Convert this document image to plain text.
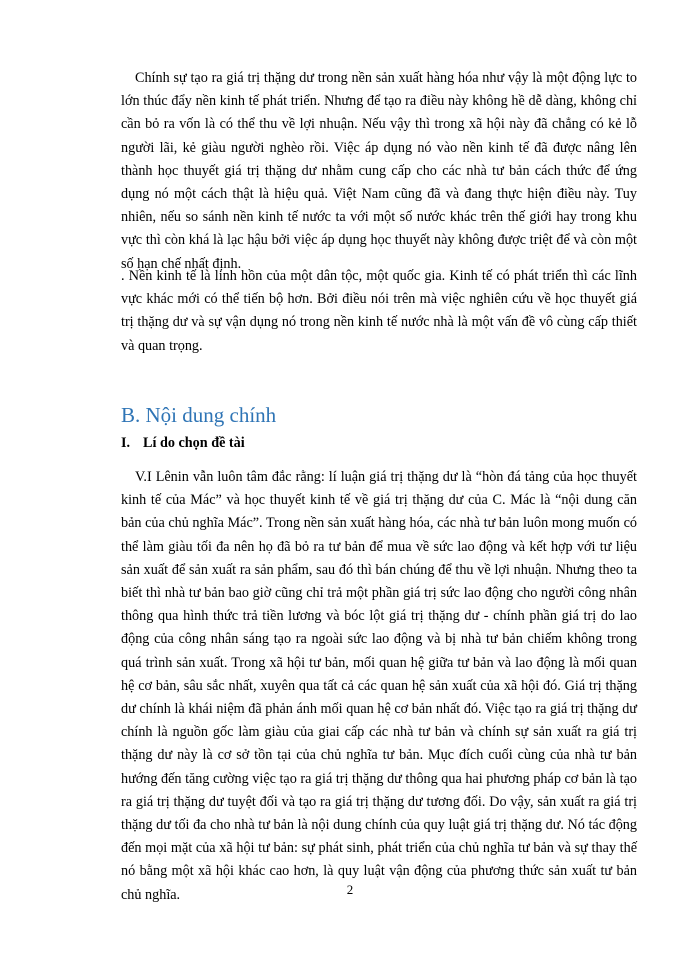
Chính sự tạo ra giá trị thặng dư trong nền sản xuất hàng hóa như vậy là một động lực to lớn thúc đẩy nền kinh tế phát triển. Nhưng để tạo ra điều này không hề dễ dàng, không chỉ cần bỏ ra vốn là có thể thu về lợi nhuận. Nếu vậy thì trong xã hội này đã chẳng có kẻ lỗ người lãi, kẻ giàu người nghèo rồi. Việc áp dụng nó vào nền kinh tế đã được nâng lên thành học thuyết giá trị thặng dư nhằm cung cấp cho các nhà tư bản cách thức để ứng dụng nó một cách thật là hiệu quả. Việt Nam cũng đã và đang thực hiện điều này. Tuy nhiên, nếu so sánh nền kinh tế nước ta với một số nước khác trên thế giới hay trong khu vực thì còn khá là lạc hậu bởi việc áp dụng học thuyết này không được triệt để và còn một số hạn chế nhất định.

. Nền kinh tế là linh hồn của một dân tộc, một quốc gia. Kinh tế có phát triển thì các lĩnh vực khác mới có thể tiến bộ hơn. Bởi điều nói trên mà việc nghiên cứu về học thuyết giá trị thặng dư và sự vận dụng nó trong nền kinh tế nước nhà là một vấn đề vô cùng cấp thiết và quan trọng.

B. Nội dung chính
I. Lí do chọn đề tài

V.I Lênin vẫn luôn tâm đắc rằng: lí luận giá trị thặng dư là “hòn đá tảng của học thuyết kinh tế của Mác” và học thuyết kinh tế về giá trị thặng dư của C. Mác là “nội dung căn bản của chủ nghĩa Mác”. Trong nền sản xuất hàng hóa, các nhà tư bản luôn mong muốn có thể làm giàu tối đa nên họ đã bỏ ra tư bản để mua về sức lao động và kết hợp với tư liệu sản xuất để sản xuất ra sản phẩm, sau đó thì bán chúng để thu về lợi nhuận. Nhưng theo ta biết thì nhà tư bản bao giờ cũng chỉ trả một phần giá trị sức lao động cho người công nhân thông qua hình thức trả tiền lương và bóc lột giá trị thặng dư - chính phần giá trị do lao động của công nhân sáng tạo ra ngoài sức lao động và bị nhà tư bản chiếm không trong quá trình sản xuất. Trong xã hội tư bản, mối quan hệ giữa tư bản và lao động là mối quan hệ cơ bản, sâu sắc nhất, xuyên qua tất cả các quan hệ sản xuất của xã hội đó. Giá trị thặng dư chính là khái niệm đã phản ánh mối quan hệ cơ bản nhất đó. Việc tạo ra giá trị thặng dư chính là nguồn gốc làm giàu của giai cấp các nhà tư bản và chính sự sản xuất ra giá trị thặng dư này là cơ sở tồn tại của chủ nghĩa tư bản. Mục đích cuối cùng của nhà tư bản hướng đến tăng cường việc tạo ra giá trị thặng dư thông qua hai phương pháp cơ bản là tạo ra giá trị thặng dư tuyệt đối và tạo ra giá trị thặng dư tương đối. Do vậy, sản xuất ra giá trị thặng dư tối đa cho nhà tư bản là nội dung chính của quy luật giá trị thặng dư. Nó tác động đến mọi mặt của xã hội tư bản: sự phát sinh, phát triển của chủ nghĩa tư bản và sự thay thế nó bằng một xã hội khác cao hơn, là quy luật vận động của phương thức sản xuất tư bản chủ nghĩa.	2
